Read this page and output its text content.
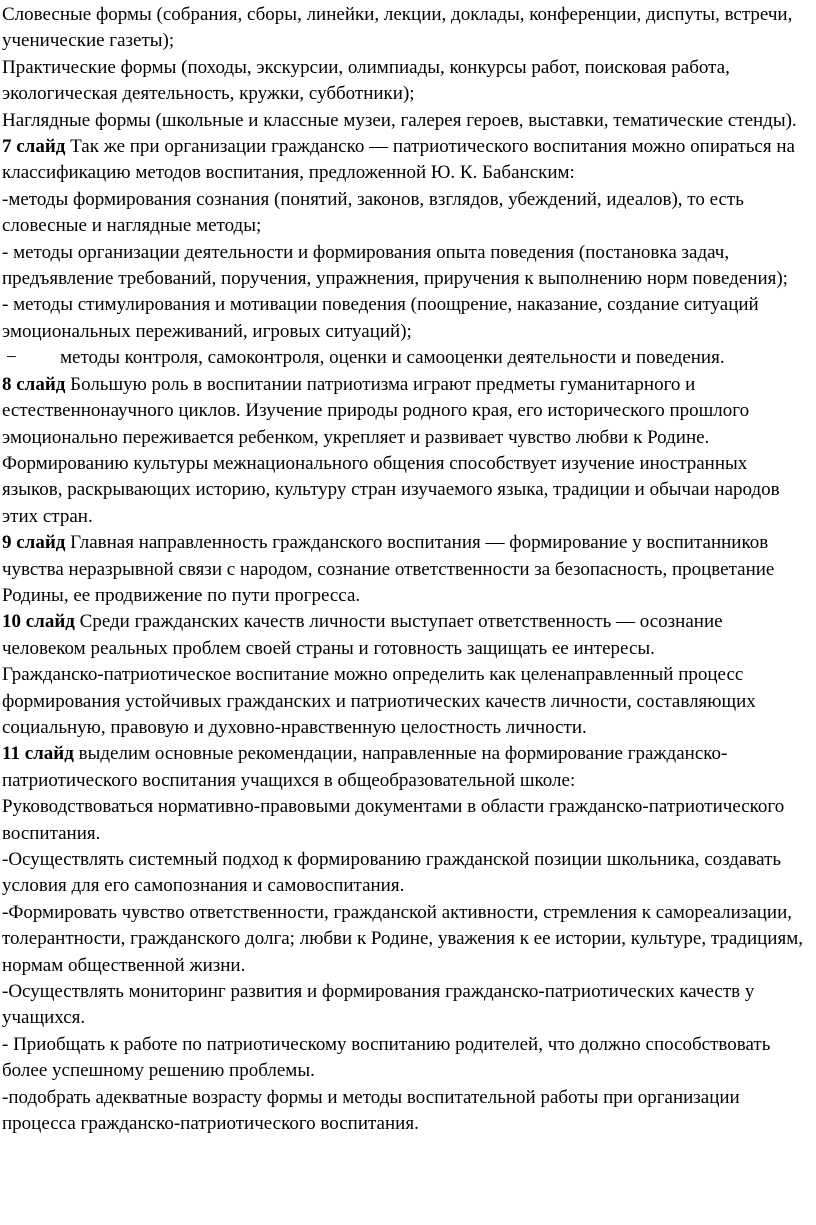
Словесные формы (собрания, сборы, линейки, лекции, доклады, конференции, диспуты, встречи, ученические газеты);

Практические формы (походы, экскурсии, олимпиады, конкурсы работ, поисковая работа, экологическая деятельность, кружки, субботники);

Наглядные формы (школьные и классные музеи, галерея героев, выставки, тематические стенды).

7 слайд Так же при организации гражданско — патриотического воспитания можно опираться на классификацию методов воспитания, предложенной Ю. К. Бабанским:

-методы формирования сознания (понятий, законов, взглядов, убеждений, идеалов), то есть словесные и наглядные методы;

- методы организации деятельности и формирования опыта поведения (постановка задач, предъявление требований, поручения, упражнения, приручения к выполнению норм поведения);

- методы стимулирования и мотивации поведения (поощрение, наказание, создание ситуаций эмоциональных переживаний, игровых ситуаций);

−	методы контроля, самоконтроля, оценки и самооценки деятельности и поведения.

8 слайд Большую роль в воспитании патриотизма играют предметы гуманитарного и естественнонаучного циклов. Изучение природы родного края, его исторического прошлого эмоционально переживается ребенком, укрепляет и развивает чувство любви к Родине. Формированию культуры межнационального общения способствует изучение иностранных языков, раскрывающих историю, культуру стран изучаемого языка, традиции и обычаи народов этих стран.

9 слайд Главная направленность гражданского воспитания — формирование у воспитанников чувства неразрывной связи с народом, сознание ответственности за безопасность, процветание Родины, ее продвижение по пути прогресса.

10 слайд Среди гражданских качеств личности выступает ответственность — осознание человеком реальных проблем своей страны и готовность защищать ее интересы.

Гражданско-патриотическое воспитание можно определить как целенаправленный процесс формирования устойчивых гражданских и патриотических качеств личности, составляющих социальную, правовую и духовно-нравственную целостность личности.

11 слайд выделим основные рекомендации, направленные на формирование гражданско-патриотического воспитания учащихся в общеобразовательной школе:

Руководствоваться нормативно-правовыми документами в области гражданско-патриотического воспитания.

-Осуществлять системный подход к формированию гражданской позиции школьника, создавать условия для его самопознания и самовоспитания.

-Формировать чувство ответственности, гражданской активности, стремления к самореализации, толерантности, гражданского долга; любви к Родине, уважения к ее истории, культуре, традициям, нормам общественной жизни.

-Осуществлять мониторинг развития и формирования гражданско-патриотических качеств у учащихся.

- Приобщать к работе по патриотическому воспитанию родителей, что должно способствовать более успешному решению проблемы.

-подобрать адекватные возрасту формы и методы воспитательной работы при организации процесса гражданско-патриотического воспитания.
